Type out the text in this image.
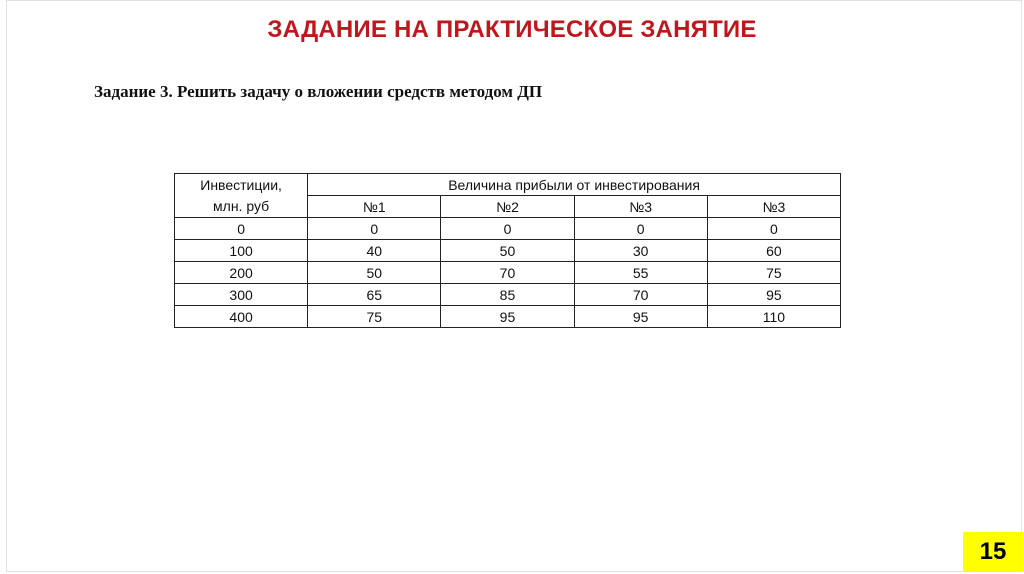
ЗАДАНИЕ НА ПРАКТИЧЕСКОЕ ЗАНЯТИЕ
Задание 3. Решить задачу о вложении средств методом ДП
Инвестиции,
млн. руб	Величина прибыли от инвестирования			
	№1	№2	№3	№3
0	0	0	0	0
100	40	50	30	60
200	50	70	55	75
300	65	85	70	95
400	75	95	95	110
15
